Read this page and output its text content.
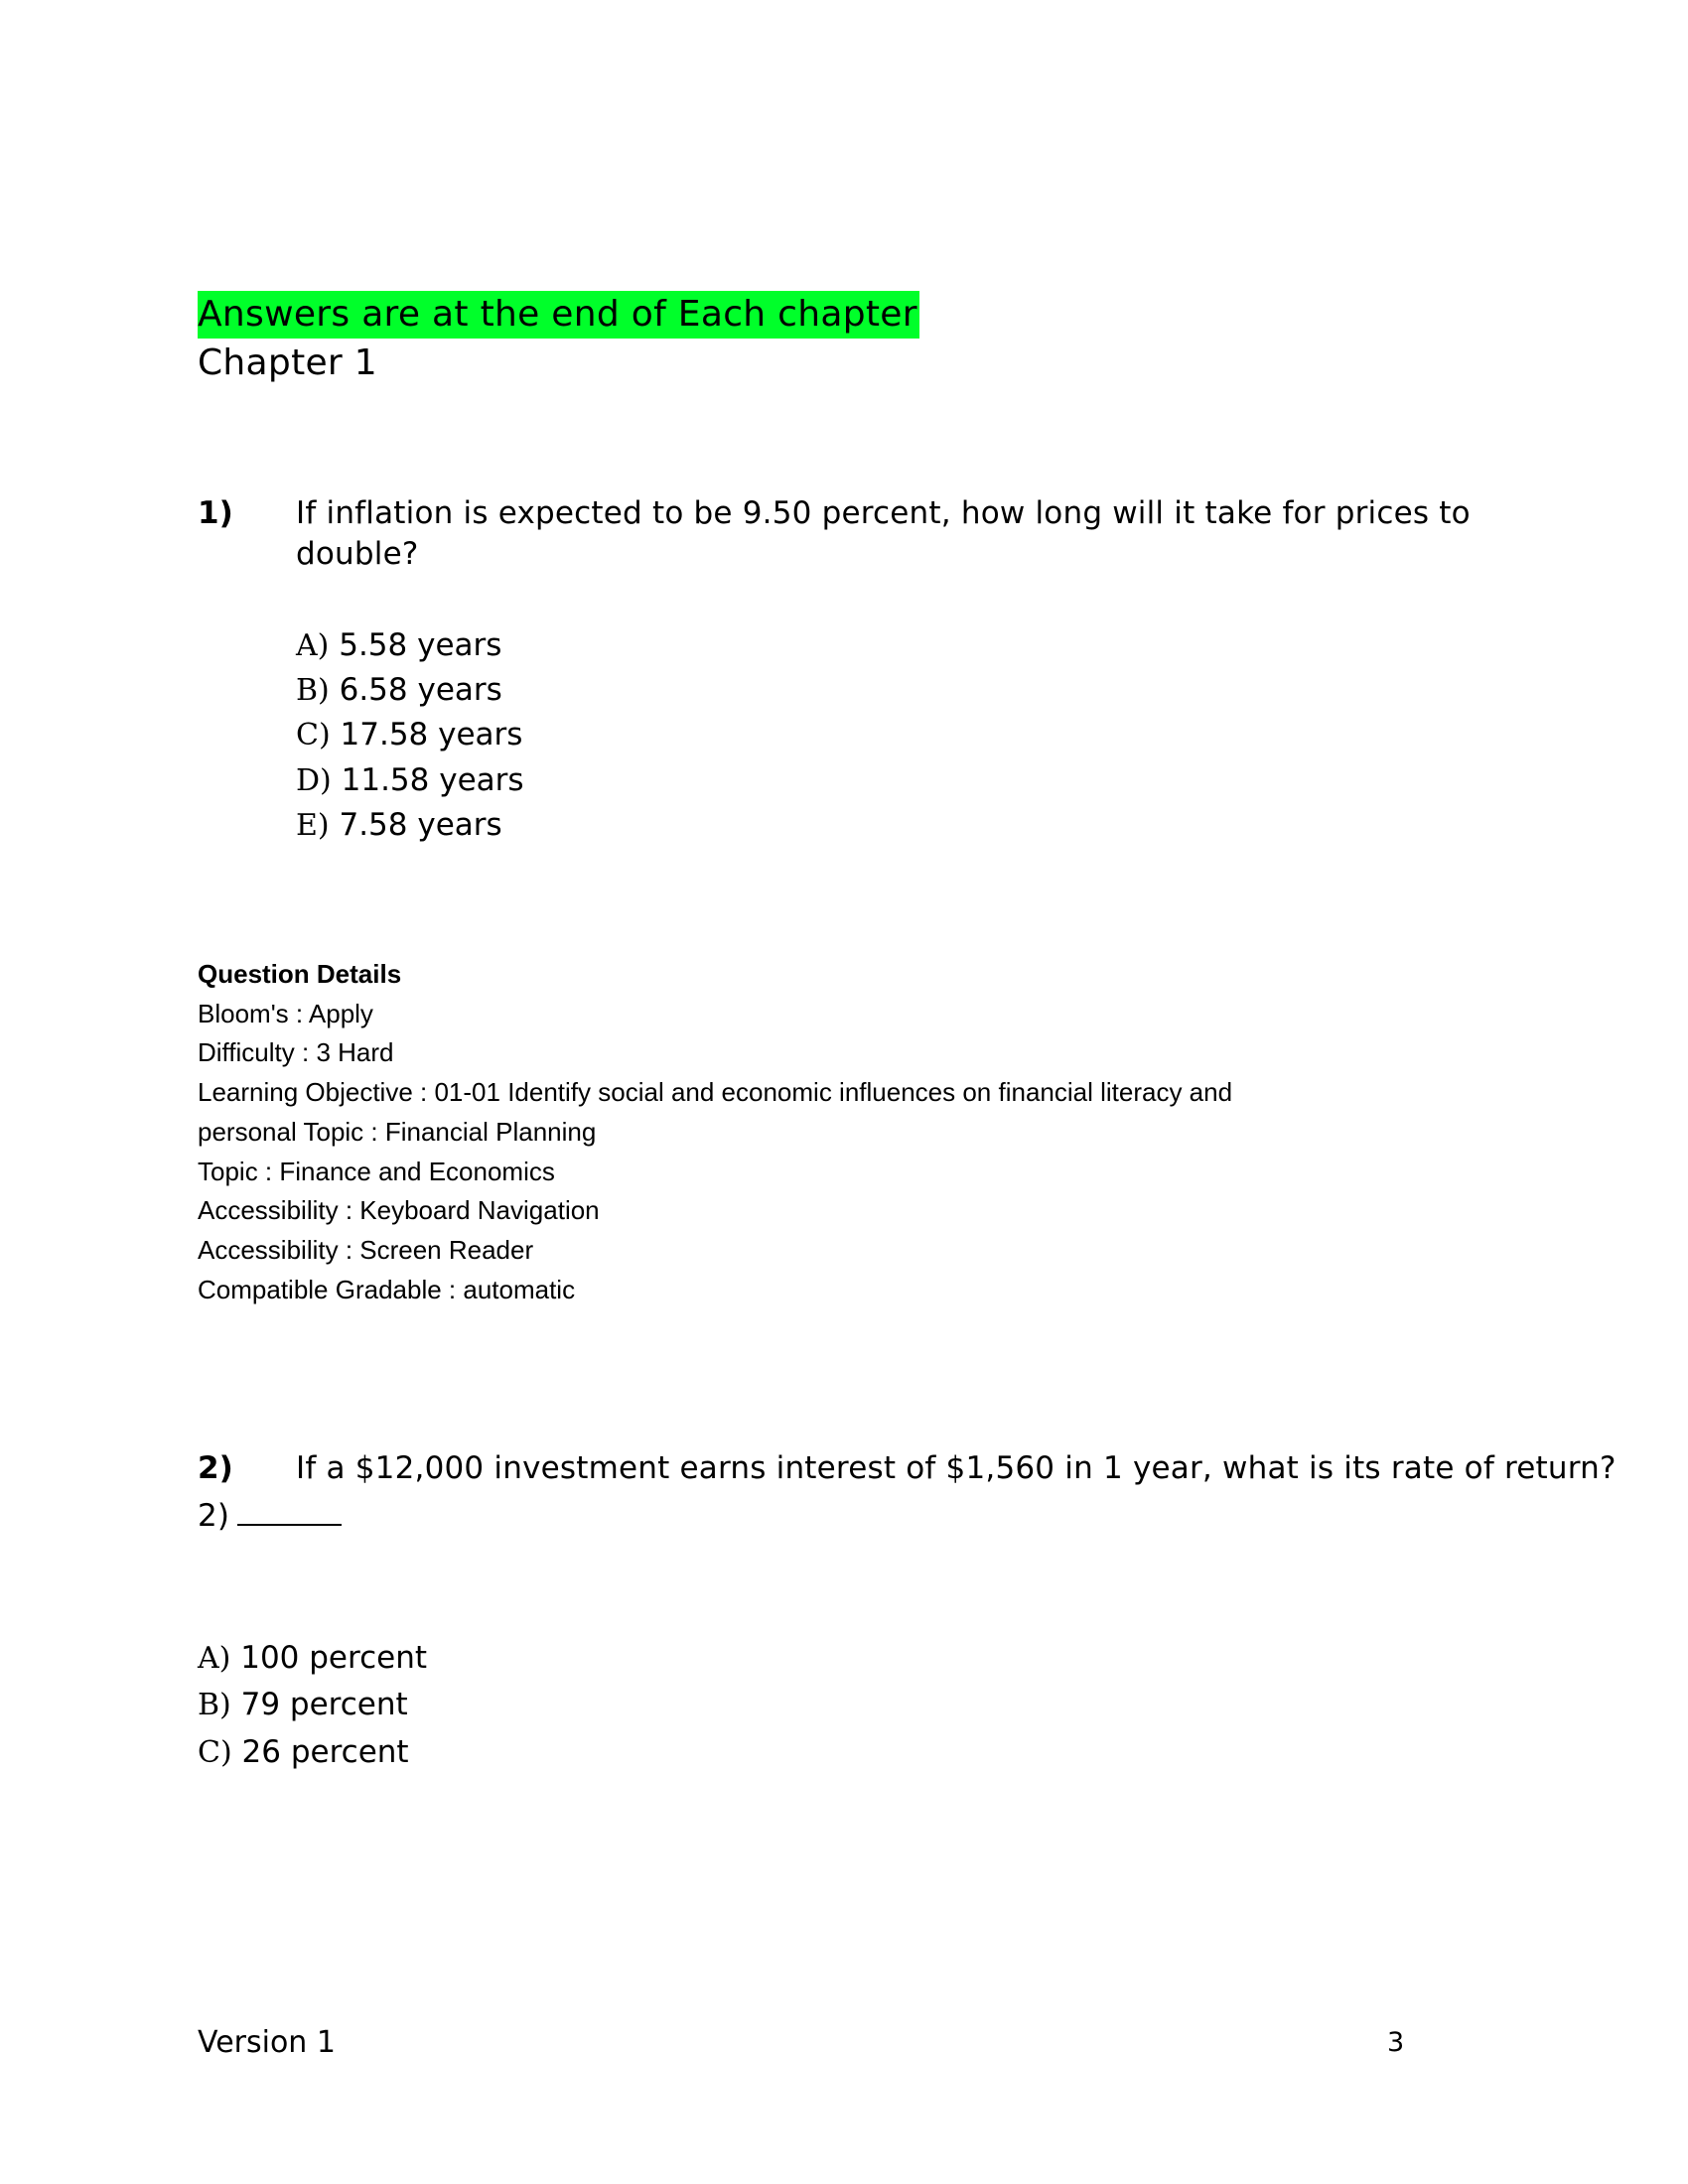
Answers are at the end of Each chapter
Chapter 1
1) If inflation is expected to be 9.50 percent, how long will it take for prices to
double?
A) 5.58 years
B) 6.58 years
C) 17.58 years
D) 11.58 years
E) 7.58 years
Question Details
Bloom's : Apply
Difficulty : 3 Hard
Learning Objective : 01-01 Identify social and economic influences on financial literacy and
personal Topic : Financial Planning
Topic : Finance and Economics
Accessibility : Keyboard Navigation
Accessibility : Screen Reader
Compatible Gradable : automatic
2) If a $12,000 investment earns interest of $1,560 in 1 year, what is its rate of return?
2)
A) 100 percent
B) 79 percent
C) 26 percent
Version 1	3
